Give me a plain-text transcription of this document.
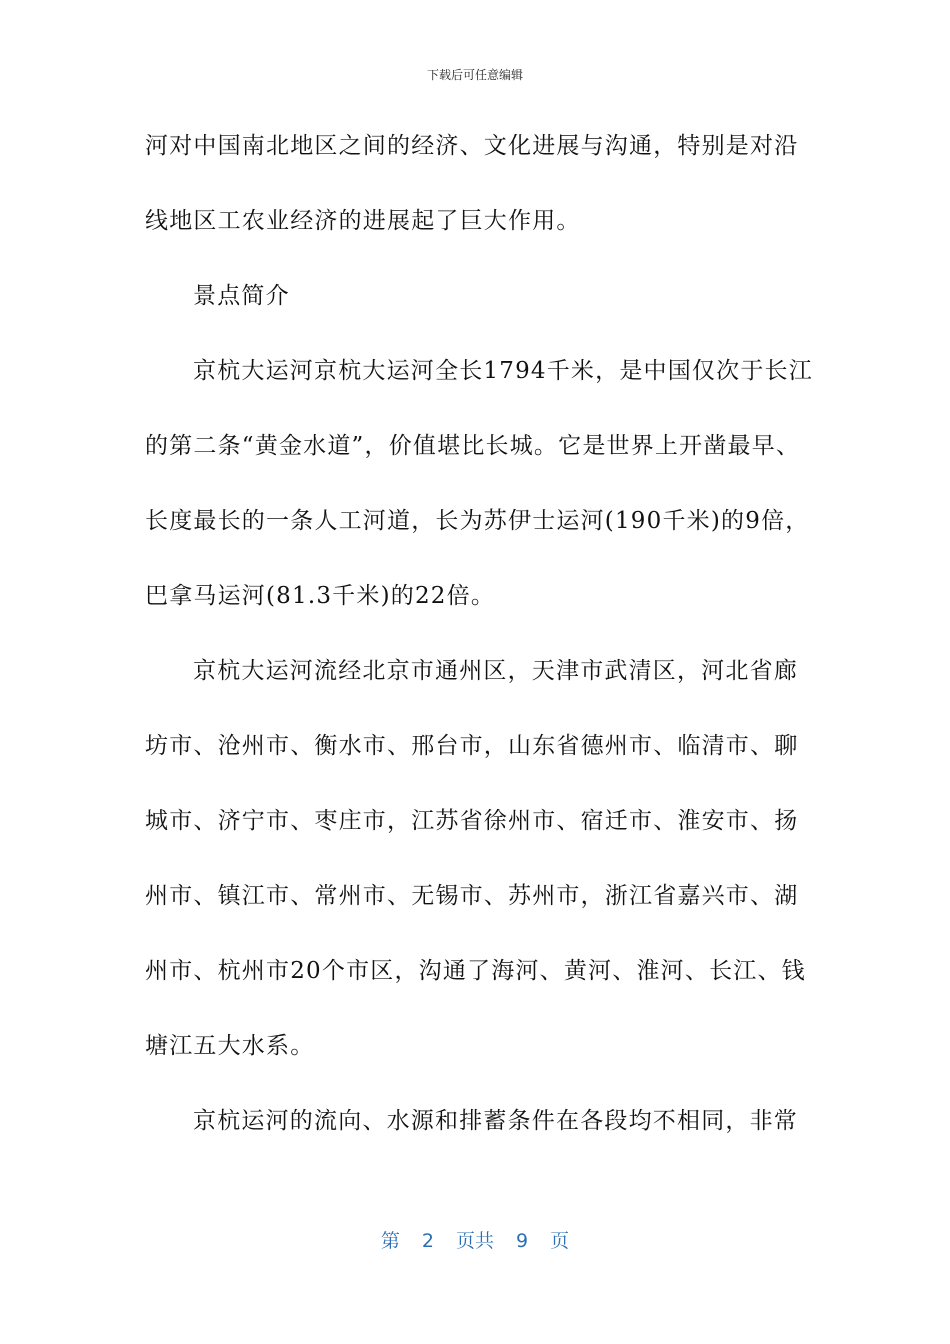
下载后可任意编辑
河对中国南北地区之间的经济、文化进展与沟通，特别是对沿
线地区工农业经济的进展起了巨大作用。
景点简介
京杭大运河京杭大运河全长1794千米，是中国仅次于长江
的第二条“黄金水道”，价值堪比长城。它是世界上开凿最早、
长度最长的一条人工河道，长为苏伊士运河(190千米)的9倍，
巴拿马运河(81.3千米)的22倍。
京杭大运河流经北京市通州区，天津市武清区，河北省廊
坊市、沧州市、衡水市、邢台市，山东省德州市、临清市、聊
城市、济宁市、枣庄市，江苏省徐州市、宿迁市、淮安市、扬
州市、镇江市、常州市、无锡市、苏州市，浙江省嘉兴市、湖
州市、杭州市20个市区，沟通了海河、黄河、淮河、长江、钱
塘江五大水系。
京杭运河的流向、水源和排蓄条件在各段均不相同，非常
第 2 页共 9 页
